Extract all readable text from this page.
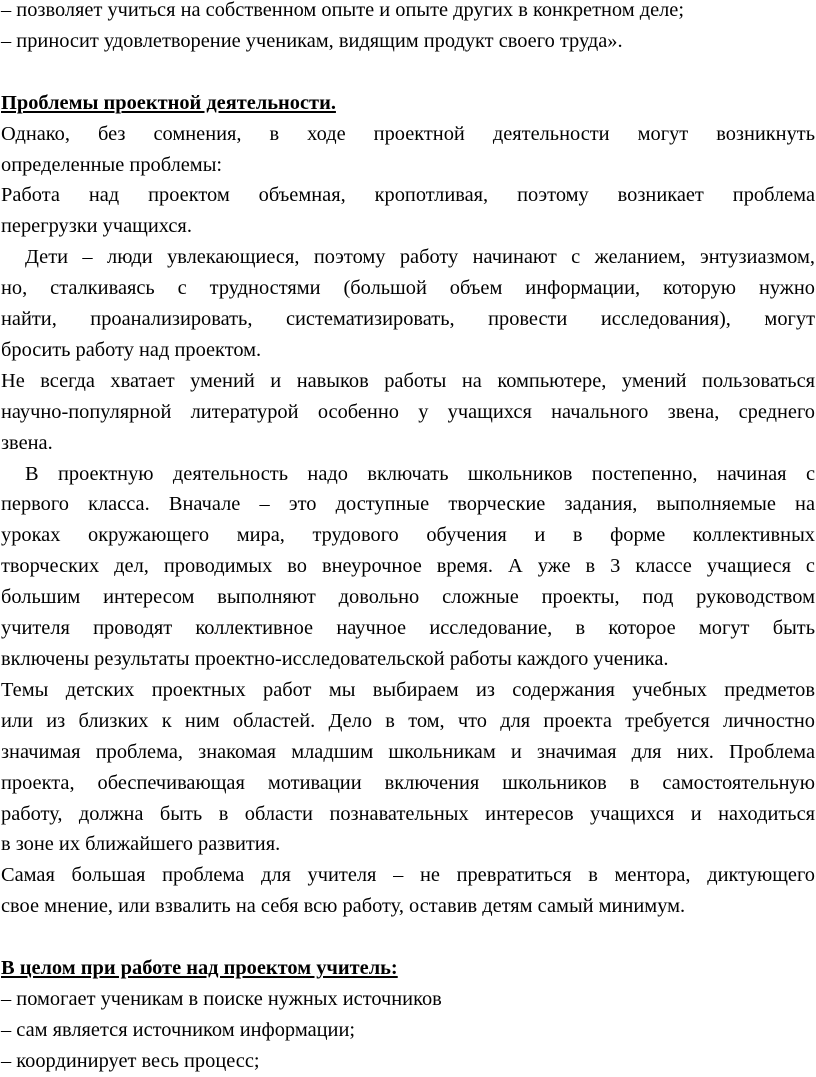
– позволяет учиться на собственном опыте и опыте других в конкретном деле;
– приносит удовлетворение ученикам, видящим продукт своего труда».
Проблемы проектной деятельности.
Однако, без сомнения, в ходе проектной деятельности могут возникнуть
определенные проблемы:
Работа над проектом объемная, кропотливая, поэтому возникает проблема
перегрузки учащихся.
Дети – люди увлекающиеся, поэтому работу начинают с желанием, энтузиазмом,
но, сталкиваясь с трудностями (большой объем информации, которую нужно
найти, проанализировать, систематизировать, провести исследования), могут
бросить работу над проектом.
Не всегда хватает умений и навыков работы на компьютере, умений пользоваться
научно-популярной литературой особенно у учащихся начального звена, среднего
звена.
В проектную деятельность надо включать школьников постепенно, начиная с
первого класса. Вначале – это доступные творческие задания, выполняемые на
уроках окружающего мира, трудового обучения и в форме коллективных
творческих дел, проводимых во внеурочное время. А уже в 3 классе учащиеся с
большим интересом выполняют довольно сложные проекты, под руководством
учителя проводят коллективное научное исследование, в которое могут быть
включены результаты проектно-исследовательской работы каждого ученика.
Темы детских проектных работ мы выбираем из содержания учебных предметов
или из близких к ним областей. Дело в том, что для проекта требуется личностно
значимая проблема, знакомая младшим школьникам и значимая для них. Проблема
проекта, обеспечивающая мотивации включения школьников в самостоятельную
работу, должна быть в области познавательных интересов учащихся и находиться
в зоне их ближайшего развития.
Самая большая проблема для учителя – не превратиться в ментора, диктующего
свое мнение, или взвалить на себя всю работу, оставив детям самый минимум.
В целом при работе над проектом учитель:
– помогает ученикам в поиске нужных источников
– сам является источником информации;
– координирует весь процесс;
